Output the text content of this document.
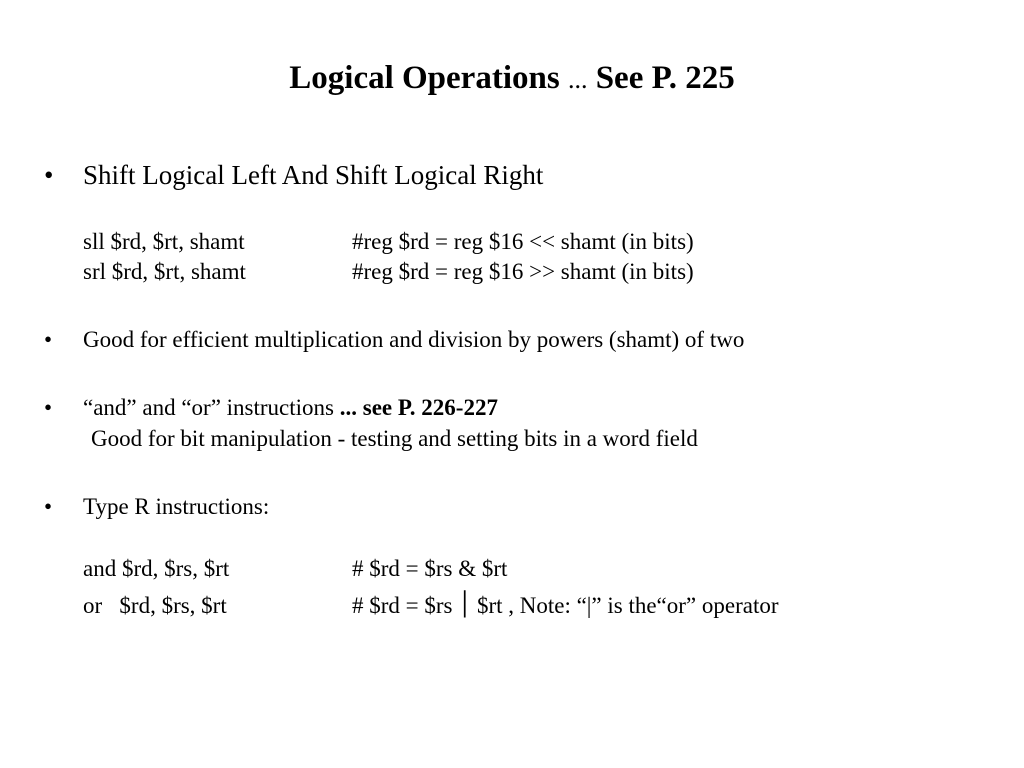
Logical Operations ... See P. 225
•	Shift Logical Left And Shift Logical Right
sll $rd, $rt, shamt	#reg $rd = reg $16 << shamt (in bits)
srl $rd, $rt, shamt	#reg $rd = reg $16 >> shamt (in bits)
•	Good for efficient multiplication and division by powers (shamt) of two
•	“and” and “or” instructions ... see P. 226-227
Good for bit manipulation - testing and setting bits in a word field
•	Type R instructions:
and $rd, $rs, $rt	# $rd = $rs & $rt
or   $rd, $rs, $rt	# $rd = $rs ׀ $rt , Note: “|” is the“or” operator
